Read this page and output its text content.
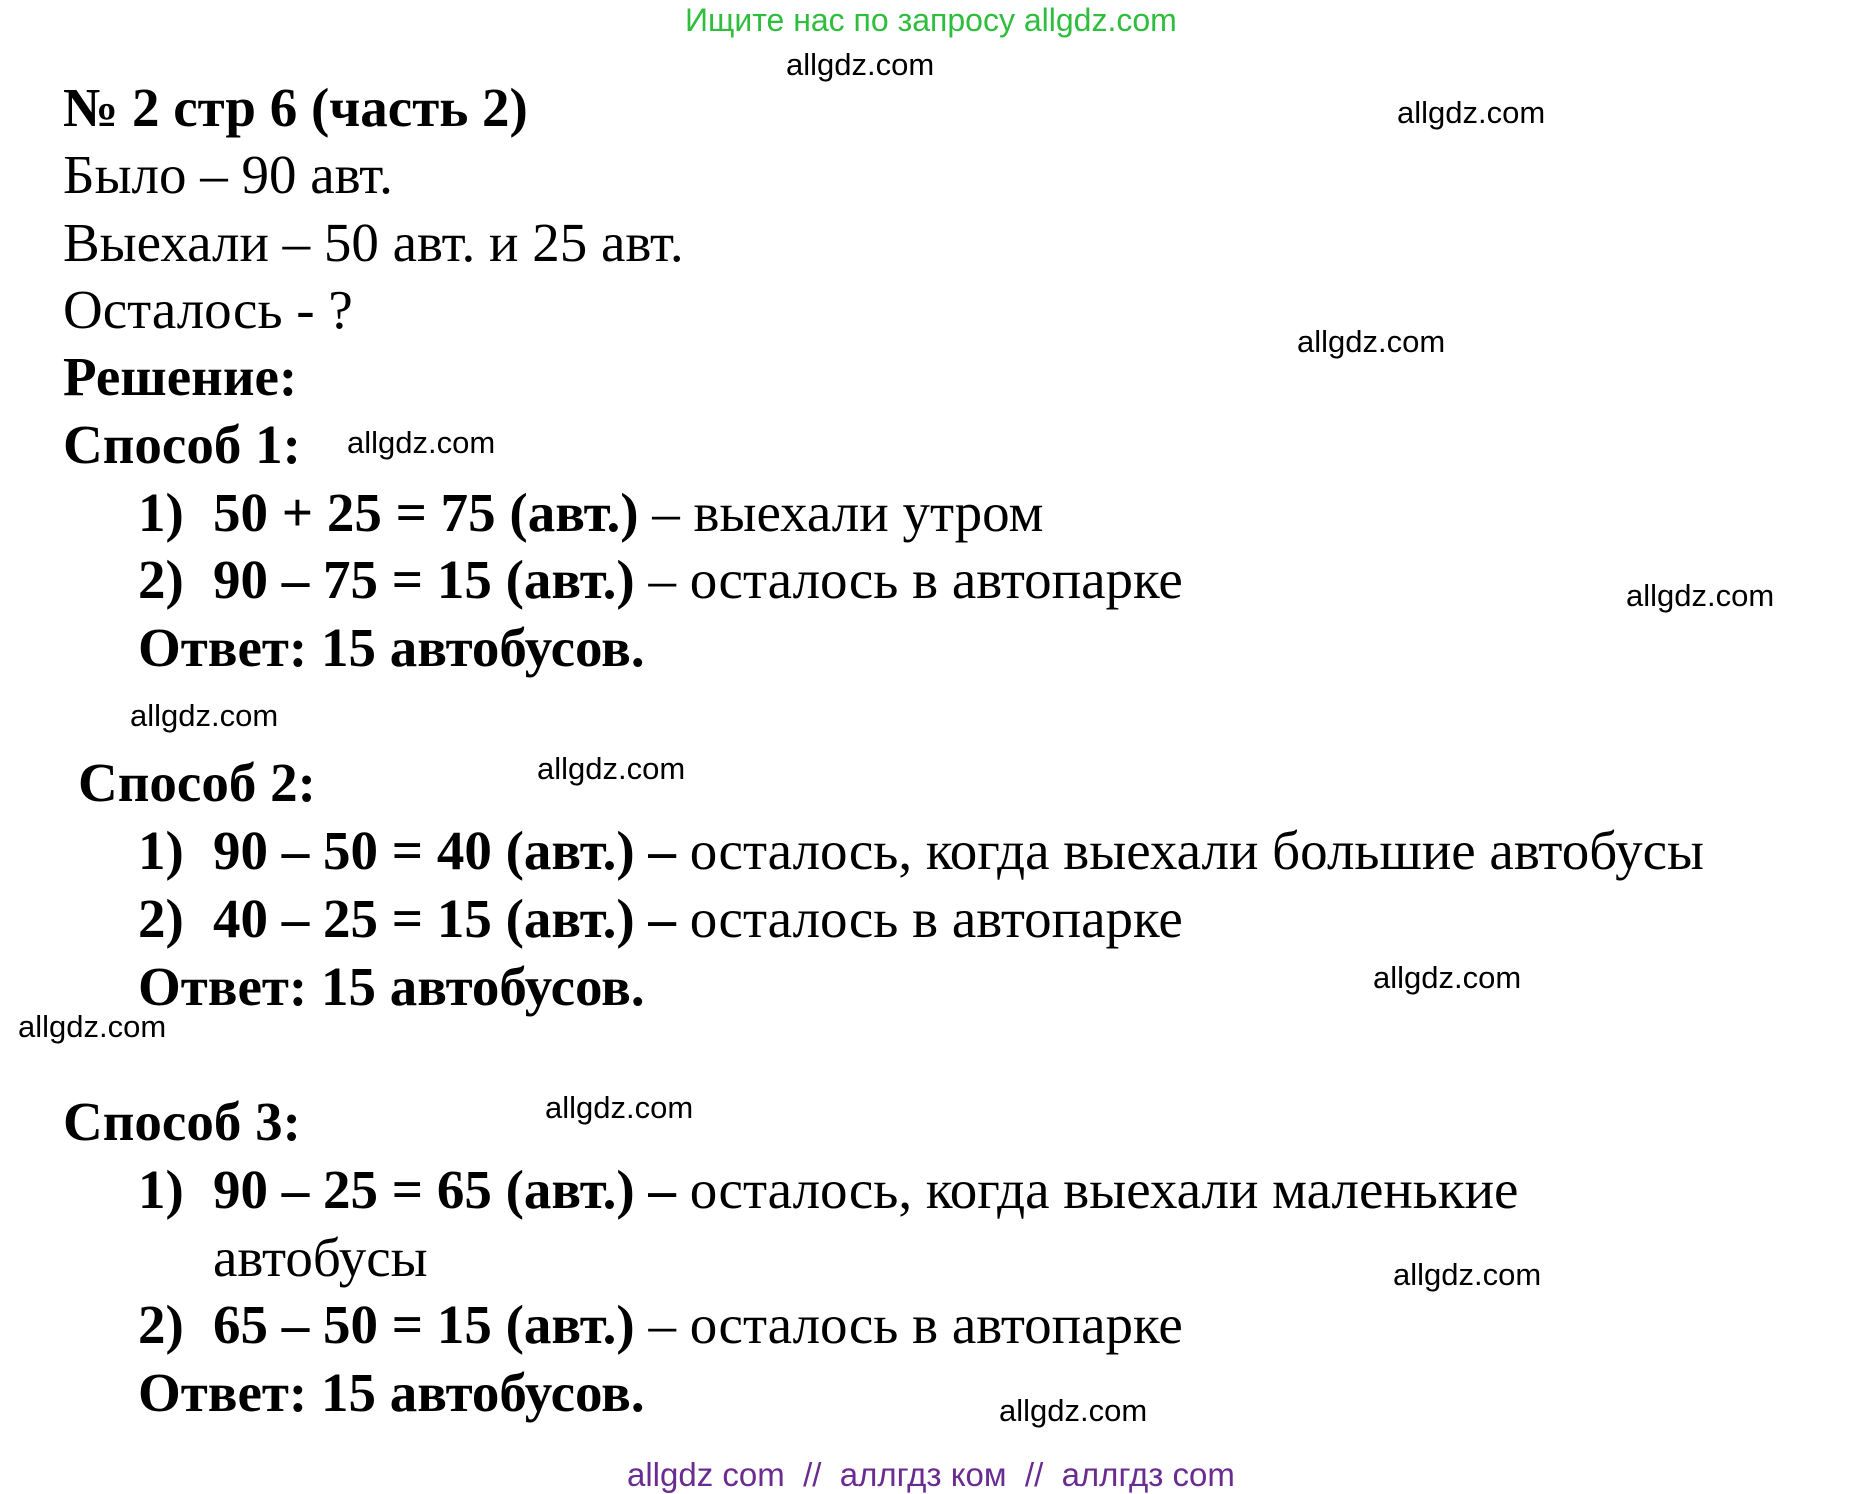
Ищите нас по запросу allgdz.com
allgdz.com
allgdz.com
allgdz.com
allgdz.com
allgdz.com
allgdz.com
allgdz.com
allgdz.com
allgdz.com
allgdz.com
allgdz.com
allgdz.com
№ 2 стр 6 (часть 2)
Было – 90 авт.
Выехали – 50 авт. и 25 авт.
Осталось - ?
Решение:
Способ 1:
1) 50 + 25 = 75 (авт.) – выехали утром
2) 90 – 75 = 15 (авт.) – осталось в автопарке
Ответ: 15 автобусов.
Способ 2:
1) 90 – 50 = 40 (авт.) – осталось, когда выехали большие автобусы
2) 40 – 25 = 15 (авт.) – осталось в автопарке
Ответ: 15 автобусов.
Способ 3:
1) 90 – 25 = 65 (авт.) – осталось, когда выехали маленькие
автобусы
2) 65 – 50 = 15 (авт.) – осталось в автопарке
Ответ: 15 автобусов.
allgdz com  //  аллгдз ком  //  аллгдз com
